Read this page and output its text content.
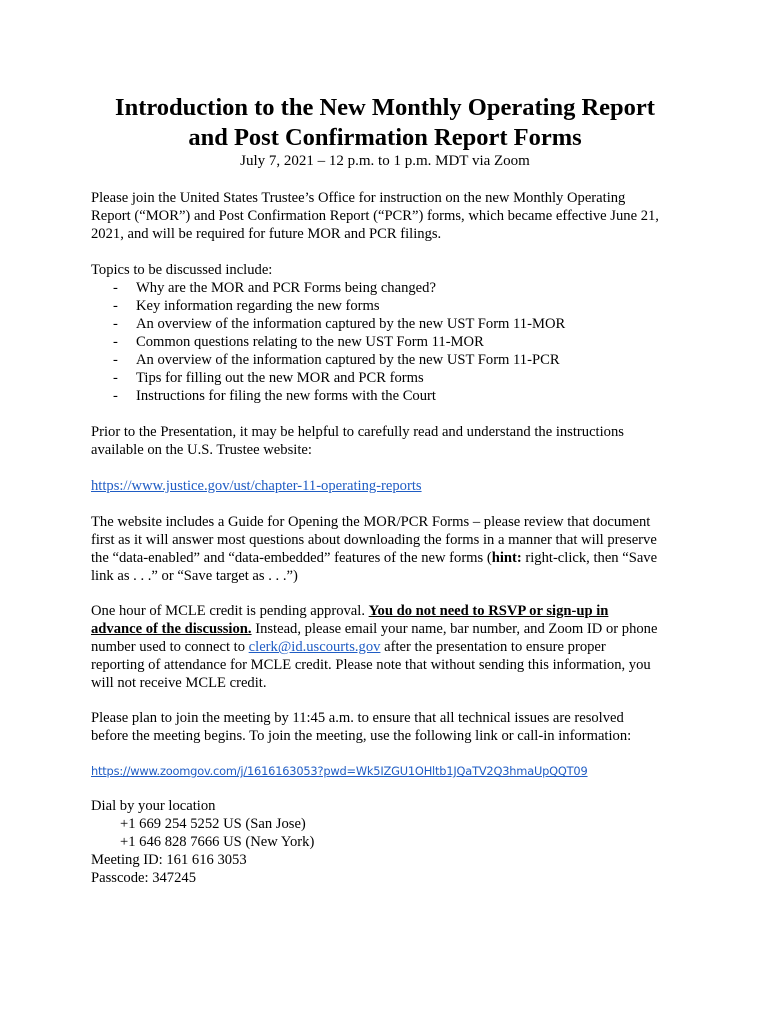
Introduction to the New Monthly Operating Report
and Post Confirmation Report Forms
July 7, 2021 – 12 p.m. to 1 p.m. MDT via Zoom
Please join the United States Trustee’s Office for instruction on the new Monthly Operating
Report (“MOR”) and Post Confirmation Report (“PCR”) forms, which became effective June 21,
2021, and will be required for future MOR and PCR filings.
Topics to be discussed include:
- Why are the MOR and PCR Forms being changed?
- Key information regarding the new forms
- An overview of the information captured by the new UST Form 11-MOR
- Common questions relating to the new UST Form 11-MOR
- An overview of the information captured by the new UST Form 11-PCR
- Tips for filling out the new MOR and PCR forms
- Instructions for filing the new forms with the Court
Prior to the Presentation, it may be helpful to carefully read and understand the instructions
available on the U.S. Trustee website:
https://www.justice.gov/ust/chapter-11-operating-reports
The website includes a Guide for Opening the MOR/PCR Forms – please review that document
first as it will answer most questions about downloading the forms in a manner that will preserve
the “data-enabled” and “data-embedded” features of the new forms (hint: right-click, then “Save
link as . . .” or “Save target as . . .”)
One hour of MCLE credit is pending approval. You do not need to RSVP or sign-up in
advance of the discussion. Instead, please email your name, bar number, and Zoom ID or phone
number used to connect to clerk@id.uscourts.gov after the presentation to ensure proper
reporting of attendance for MCLE credit. Please note that without sending this information, you
will not receive MCLE credit.
Please plan to join the meeting by 11:45 a.m. to ensure that all technical issues are resolved
before the meeting begins. To join the meeting, use the following link or call-in information:
https://www.zoomgov.com/j/1616163053?pwd=Wk5IZGU1OHltb1JQaTV2Q3hmaUpQQT09
Dial by your location
+1 669 254 5252 US (San Jose)
+1 646 828 7666 US (New York)
Meeting ID: 161 616 3053
Passcode: 347245
